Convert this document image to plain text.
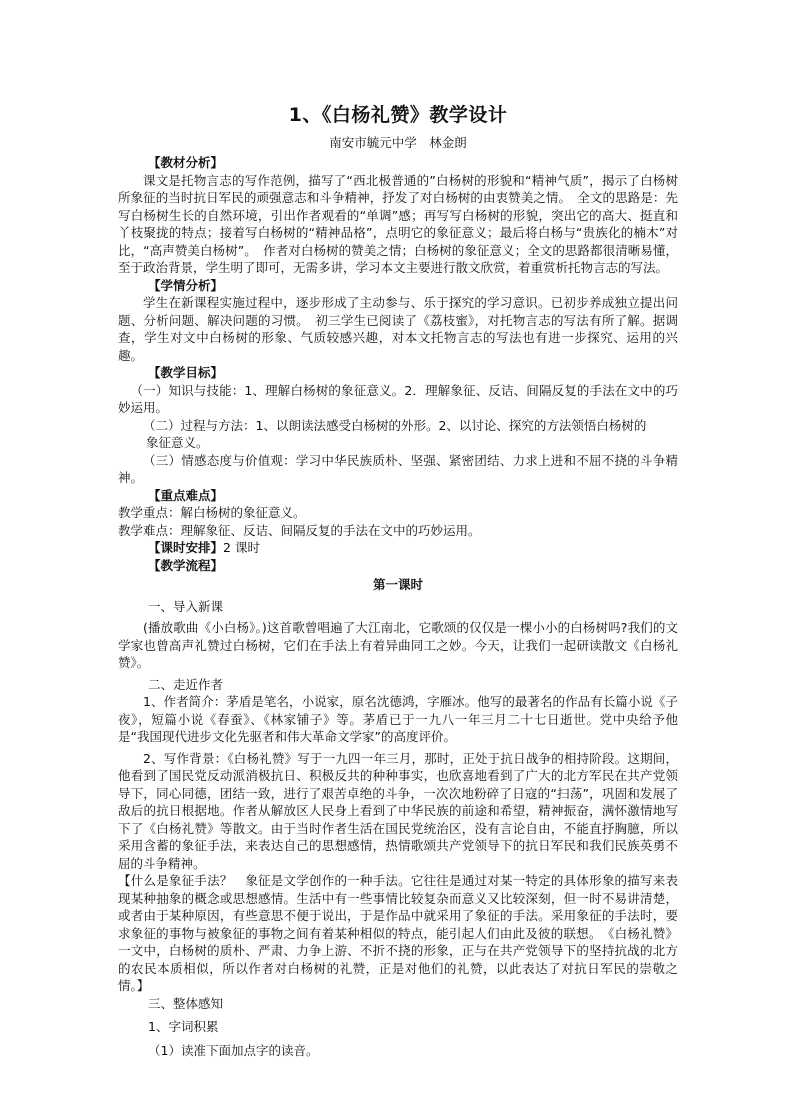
1、《白杨礼赞》教学设计
南安市毓元中学　林金朗
【教材分析】

课文是托物言志的写作范例，描写了“西北极普通的”白杨树的形貌和“精神气质”，揭示了白杨树所象征的当时抗日军民的顽强意志和斗争精神，抒发了对白杨树的由衷赞美之情。　全文的思路是：先写白杨树生长的自然环境，引出作者观看的“单调”感；再写写白杨树的形貌，突出它的高大、挺直和丫枝聚拢的特点；接着写白杨树的“精神品格”，点明它的象征意义；最后将白杨与“贵族化的楠木”对比，“高声赞美白杨树”。　作者对白杨树的赞美之情；白杨树的象征意义；全文的思路都很清晰易懂，至于政治背景，学生明了即可，无需多讲，学习本文主要进行散文欣赏，着重赏析托物言志的写法。

【学情分析】

学生在新课程实施过程中，逐步形成了主动参与、乐于探究的学习意识。已初步养成独立提出问题、分析问题、解决问题的习惯。　初三学生已阅读了《荔枝蜜》，对托物言志的写法有所了解。据调查，学生对文中白杨树的形象、气质较感兴趣，对本文托物言志的写法也有进一步探究、运用的兴趣。

【教学目标】

（一）知识与技能：1、理解白杨树的象征意义。2．理解象征、反诘、间隔反复的手法在文中的巧妙运用。

（二）过程与方法：1、以朗读法感受白杨树的外形。2、以讨论、探究的方法领悟白杨树的

象征意义。

（三）情感态度与价值观：学习中华民族质朴、坚强、紧密团结、力求上进和不屈不挠的斗争精神。

【重点难点】

教学重点：解白杨树的象征意义。

教学难点：理解象征、反诘、间隔反复的手法在文中的巧妙运用。

【课时安排】2 课时
【教学流程】
第一课时

一、导入新课

(播放歌曲《小白杨》。)这首歌曾唱遍了大江南北，它歌颂的仅仅是一棵小小的白杨树吗?我们的文学家也曾高声礼赞过白杨树，它们在手法上有着异曲同工之妙。今天，让我们一起研读散文《白杨礼赞》。

二、走近作者

1、作者简介：茅盾是笔名，小说家，原名沈德鸿，字雁冰。他写的最著名的作品有长篇小说《子夜》，短篇小说《春蚕》、《林家铺子》等。茅盾已于一九八一年三月二十七日逝世。党中央给予他是“我国现代进步文化先驱者和伟大革命文学家”的高度评价。

2、写作背景：《白杨礼赞》写于一九四一年三月，那时，正处于抗日战争的相持阶段。这期间，他看到了国民党反动派消极抗日、积极反共的种种事实，也欣喜地看到了广大的北方军民在共产党领导下，同心同德，团结一致，进行了艰苦卓绝的斗争，一次次地粉碎了日寇的“扫荡”，巩固和发展了敌后的抗日根据地。作者从解放区人民身上看到了中华民族的前途和希望，精神振奋，满怀激情地写下了《白杨礼赞》等散文。由于当时作者生活在国民党统治区，没有言论自由，不能直抒胸臆，所以采用含蓄的象征手法，来表达自己的思想感情，热情歌颂共产党领导下的抗日军民和我们民族英勇不屈的斗争精神。

【什么是象征手法？　象征是文学创作的一种手法。它往往是通过对某一特定的具体形象的描写来表现某种抽象的概念或思想感情。生活中有一些事情比较复杂而意义又比较深刻，但一时不易讲清楚，或者由于某种原因，有些意思不便于说出，于是作品中就采用了象征的手法。采用象征的手法时，要求象征的事物与被象征的事物之间有着某种相似的特点，能引起人们由此及彼的联想。　《白杨礼赞》一文中，白杨树的质朴、严肃、力争上游、不折不挠的形象，正与在共产党领导下的坚持抗战的北方的农民本质相似，所以作者对白杨树的礼赞，正是对他们的礼赞，以此表达了对抗日军民的崇敬之情。】

三、整体感知

1、字词积累

（1）读准下面加点字的读音。
